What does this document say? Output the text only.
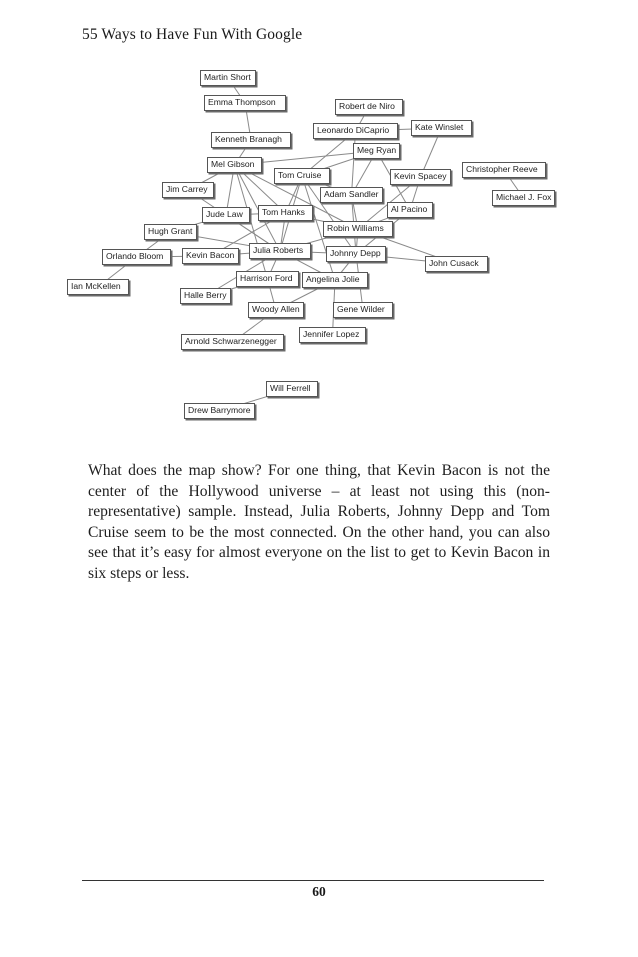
55 Ways to Have Fun With Google
Martin Short
Emma Thompson	Robert de Niro
Leonardo DiCaprio	Kate Winslet
Kenneth Branagh
Meg Ryan
Mel Gibson	Christopher Reeve
Tom Cruise	Kevin Spacey
Jim Carrey	Adam Sandler	Michael J. Fox
Jude Law	Tom Hanks	Al Pacino
Hugh Grant	Robin Williams
Julia Roberts
Orlando Bloom	Kevin Bacon	Johnny Depp
John Cusack
Harrison Ford	Angelina Jolie
Ian McKellen
Halle Berry
Woody Allen	Gene Wilder
Jennifer Lopez
Arnold Schwarzenegger
Will Ferrell
Drew Barrymore
What does the map show? For one thing, that Kevin Bacon is not the center of the Hollywood universe – at least not using this (non-representative) sample. Instead, Julia Roberts, Johnny Depp and Tom Cruise seem to be the most connected. On the other hand, you can also see that it’s easy for almost everyone on the list to get to Kevin Bacon in six steps or less.
60
